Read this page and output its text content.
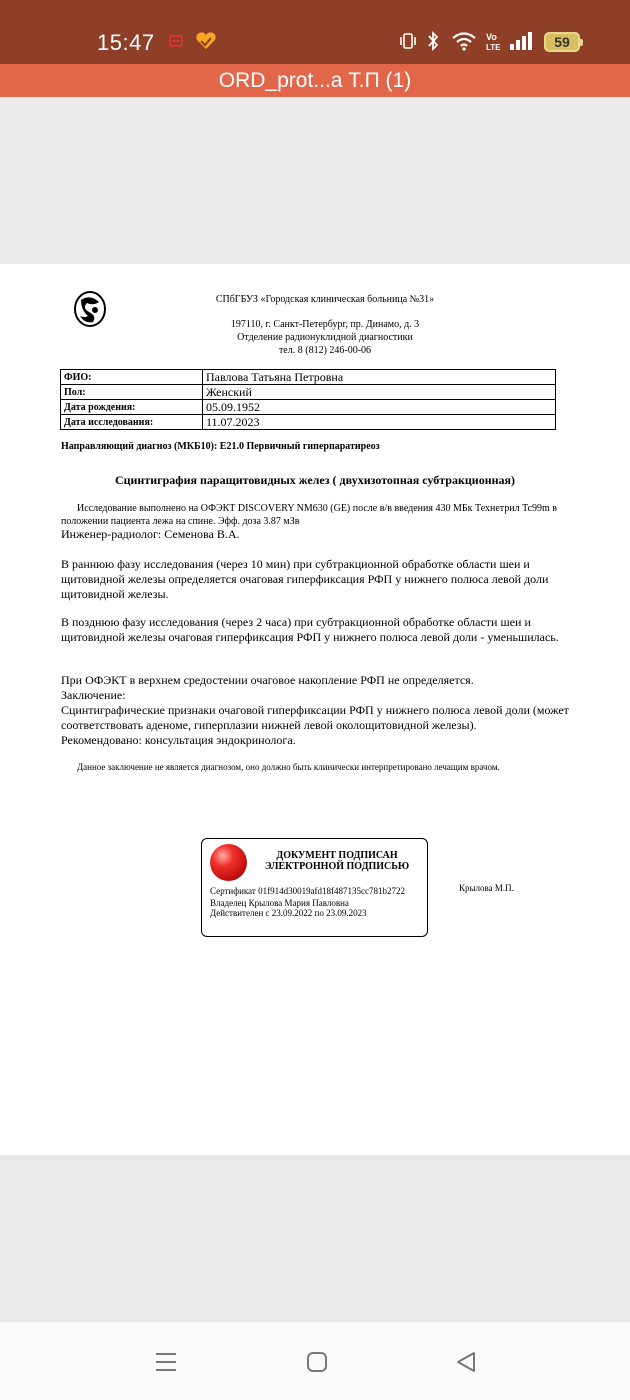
15:47	Vo
LTE	59
ORD_prot...а Т.П (1)
СПбГБУЗ «Городская клиническая больница №31»
197110, г. Санкт-Петербург, пр. Динамо, д. 3
Отделение радионуклидной диагностики
тел. 8 (812) 246-00-06
ФИО:	Павлова Татьяна Петровна
Пол:	Женский
Дата рождения:	05.09.1952
Дата исследования:	11.07.2023
Направляющий диагноз (МКБ10): E21.0 Первичный гиперпаратиреоз
Сцинтиграфия паращитовидных желез ( двухизотопная субтракционная)
Исследование выполнено на ОФЭКТ DISCOVERY NM630 (GE) после в/в введения 430 МБк Технетрил Tc99m в положении пациента лежа на спине. Эфф. доза 3.87 мЗв
Инженер-радиолог: Семенова В.А.
В раннюю фазу исследования (через 10 мин) при субтракционной обработке области шеи и щитовидной железы определяется очаговая гиперфиксация РФП у нижнего полюса левой доли щитовидной железы.
В позднюю фазу исследования (через 2 часа) при субтракционной обработке области шеи и щитовидной железы очаговая гиперфиксация РФП у нижнего полюса левой доли - уменьшилась.
При ОФЭКТ в верхнем средостении очаговое накопление РФП не определяется.
Заключение:
Сцинтиграфические признаки очаговой гиперфиксации РФП у нижнего полюса левой доли (может соответствовать аденоме, гиперплазии нижней левой околощитовидной железы).
Рекомендовано: консультация эндокринолога.
Данное заключение не является диагнозом, оно должно быть клинически интерпретировано лечащим врачом.
ДОКУМЕНТ ПОДПИСАН
ЭЛЕКТРОННОЙ ПОДПИСЬЮ
Сертификат 01f914d30019afd18f487135cc781b2722
Владелец Крылова Мария Павловна
Действителен с 23.09.2022 по 23.09.2023
Крылова М.П.
